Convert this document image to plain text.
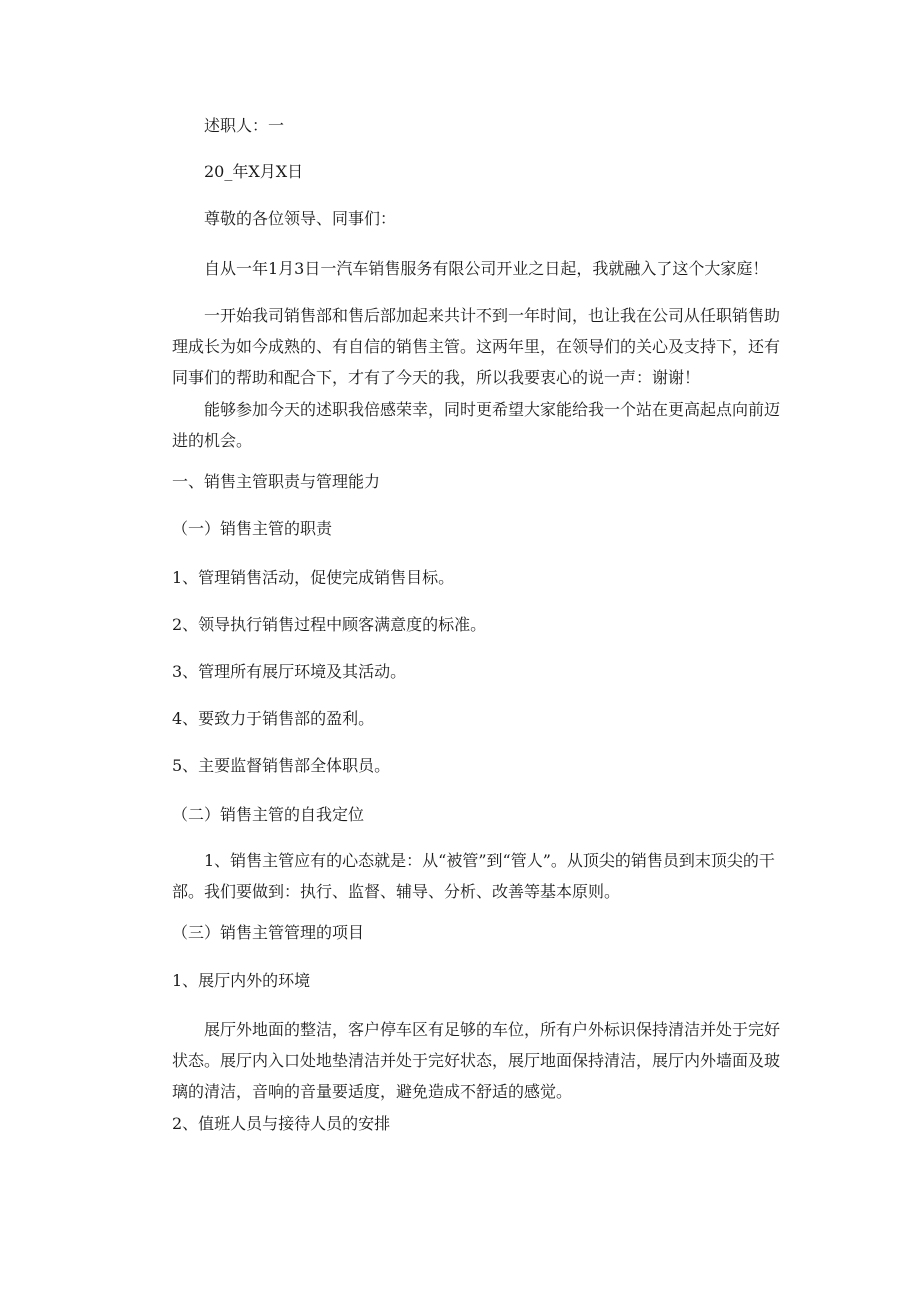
述职人：一

20_年X月X日

尊敬的各位领导、同事们：

自从一年1月3日一汽车销售服务有限公司开业之日起，我就融入了这个大家庭！

一开始我司销售部和售后部加起来共计不到一年时间，也让我在公司从任职销售助理成长为如今成熟的、有自信的销售主管。这两年里，在领导们的关心及支持下，还有同事们的帮助和配合下，才有了今天的我，所以我要衷心的说一声：谢谢！

能够参加今天的述职我倍感荣幸，同时更希望大家能给我一个站在更高起点向前迈进的机会。

一、销售主管职责与管理能力

（一）销售主管的职责

1、管理销售活动，促使完成销售目标。

2、领导执行销售过程中顾客满意度的标准。

3、管理所有展厅环境及其活动。

4、要致力于销售部的盈利。

5、主要监督销售部全体职员。

（二）销售主管的自我定位

1、销售主管应有的心态就是：从“被管”到“管人”。从顶尖的销售员到末顶尖的干部。我们要做到：执行、监督、辅导、分析、改善等基本原则。

（三）销售主管管理的项目

1、展厅内外的环境

展厅外地面的整洁，客户停车区有足够的车位，所有户外标识保持清洁并处于完好状态。展厅内入口处地垫清洁并处于完好状态，展厅地面保持清洁，展厅内外墙面及玻璃的清洁，音响的音量要适度，避免造成不舒适的感觉。

2、值班人员与接待人员的安排
